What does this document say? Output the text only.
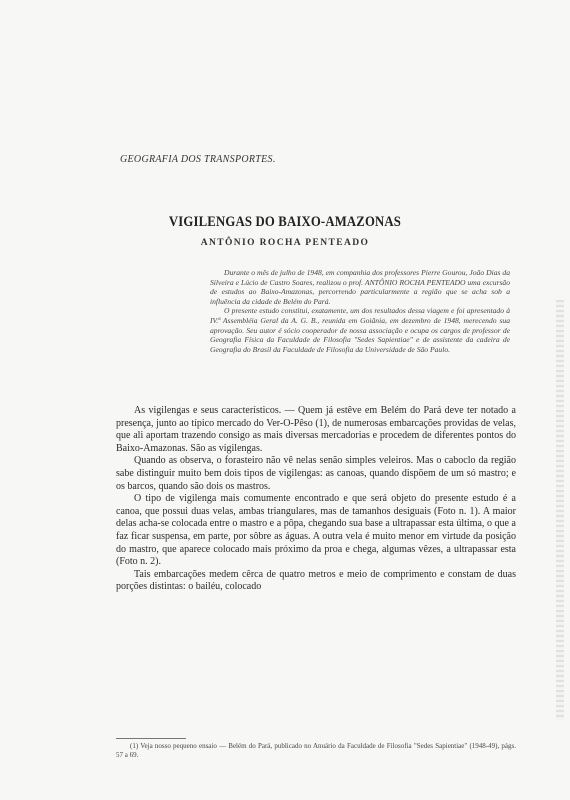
GEOGRAFIA DOS TRANSPORTES.
VIGILENGAS DO BAIXO-AMAZONAS
ANTÔNIO ROCHA PENTEADO

Durante o mês de julho de 1948, em companhia dos professores Pierre Gourou, João Dias da Silveira e Lúcio de Castro Soares, realizou o prof. ANTÔNIO ROCHA PENTEADO uma excursão de estudos ao Baixo-Amazonas, percorrendo particularmente a região que se acha sob a influência da cidade de Belém do Pará.

O presente estudo constitui, exatamente, um dos resultados dessa viagem e foi apresentado à IV.ª Assembléia Geral da A. G. B., reunida em Goiânia, em dezembro de 1948, merecendo sua aprovação. Seu autor é sócio cooperador de nossa associação e ocupa os cargos de professor de Geografia Física da Faculdade de Filosofia "Sedes Sapientiae" e de assistente da cadeira de Geografia do Brasil da Faculdade de Filosofia da Universidade de São Paulo.

As vigilengas e seus característicos. — Quem já estêve em Belém do Pará deve ter notado a presença, junto ao típico mercado do Ver-O-Pêso (1), de numerosas embarcações providas de velas, que ali aportam trazendo consigo as mais diversas mercadorias e procedem de diferentes pontos do Baixo-Amazonas. São as vigilengas.

Quando as observa, o forasteiro não vê nelas senão simples veleiros. Mas o caboclo da região sabe distinguir muito bem dois tipos de vigilengas: as canoas, quando dispõem de um só mastro; e os barcos, quando são dois os mastros.

O tipo de vigilenga mais comumente encontrado e que será objeto do presente estudo é a canoa, que possui duas velas, ambas triangulares, mas de tamanhos desiguais (Foto n. 1). A maior delas acha-se colocada entre o mastro e a pôpa, chegando sua base a ultrapassar esta última, o que a faz ficar suspensa, em parte, por sôbre as águas. A outra vela é muito menor em virtude da posição do mastro, que aparece colocado mais próximo da proa e chega, algumas vêzes, a ultrapassar esta (Foto n. 2).

Tais embarcações medem cêrca de quatro metros e meio de comprimento e constam de duas porções distintas: o bailéu, colocado

(1) Veja nosso pequeno ensaio — Belém do Pará, publicado no Anuário da Faculdade de Filosofia "Sedes Sapientiae" (1948-49), págs. 57 a 69.
